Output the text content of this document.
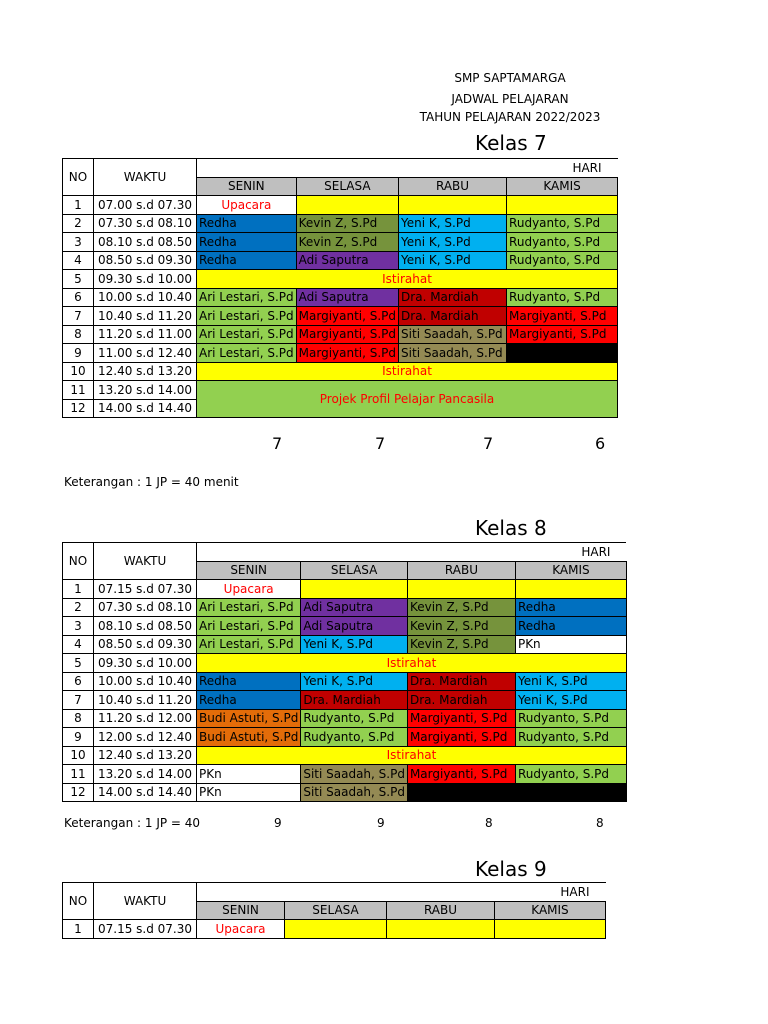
SMP SAPTAMARGA
JADWAL PELAJARAN
TAHUN PELAJARAN 2022/2023
Kelas 7
NO	WAKTU	HARI			
		SENIN	SELASA	RABU	KAMIS
1	07.00 s.d 07.30	Upacara			
2	07.30 s.d 08.10	Redha	Kevin Z, S.Pd	Yeni K, S.Pd	Rudyanto, S.Pd
3	08.10 s.d 08.50	Redha	Kevin Z, S.Pd	Yeni K, S.Pd	Rudyanto, S.Pd
4	08.50 s.d 09.30	Redha	Adi Saputra	Yeni K, S.Pd	Rudyanto, S.Pd
5	09.30 s.d 10.00	Istirahat			
6	10.00 s.d 10.40	Ari Lestari, S.Pd	Adi Saputra	Dra. Mardiah	Rudyanto, S.Pd
7	10.40 s.d 11.20	Ari Lestari, S.Pd	Margiyanti, S.Pd	Dra. Mardiah	Margiyanti, S.Pd
8	11.20 s.d 11.00	Ari Lestari, S.Pd	Margiyanti, S.Pd	Siti Saadah, S.Pd	Margiyanti, S.Pd
9	11.00 s.d 12.40	Ari Lestari, S.Pd	Margiyanti, S.Pd	Siti Saadah, S.Pd	
10	12.40 s.d 13.20	Istirahat			
11	13.20 s.d 14.00	Projek Profil Pelajar Pancasila			
12	14.00 s.d 14.40				
7	7	7	6
Keterangan : 1 JP = 40 menit
Kelas 8
NO	WAKTU	HARI			
		SENIN	SELASA	RABU	KAMIS
1	07.15 s.d 07.30	Upacara			
2	07.30 s.d 08.10	Ari Lestari, S.Pd	Adi Saputra	Kevin Z, S.Pd	Redha
3	08.10 s.d 08.50	Ari Lestari, S.Pd	Adi Saputra	Kevin Z, S.Pd	Redha
4	08.50 s.d 09.30	Ari Lestari, S.Pd	Yeni K, S.Pd	Kevin Z, S.Pd	PKn
5	09.30 s.d 10.00	Istirahat			
6	10.00 s.d 10.40	Redha	Yeni K, S.Pd	Dra. Mardiah	Yeni K, S.Pd
7	10.40 s.d 11.20	Redha	Dra. Mardiah	Dra. Mardiah	Yeni K, S.Pd
8	11.20 s.d 12.00	Budi Astuti, S.Pd	Rudyanto, S.Pd	Margiyanti, S.Pd	Rudyanto, S.Pd
9	12.00 s.d 12.40	Budi Astuti, S.Pd	Rudyanto, S.Pd	Margiyanti, S.Pd	Rudyanto, S.Pd
10	12.40 s.d 13.20	Istirahat			
11	13.20 s.d 14.00	PKn	Siti Saadah, S.Pd	Margiyanti, S.Pd	Rudyanto, S.Pd
12	14.00 s.d 14.40	PKn	Siti Saadah, S.Pd		
Keterangan : 1 JP = 40	9	9	8	8
Kelas 9
NO	WAKTU	HARI			
		SENIN	SELASA	RABU	KAMIS
1	07.15 s.d 07.30	Upacara			
